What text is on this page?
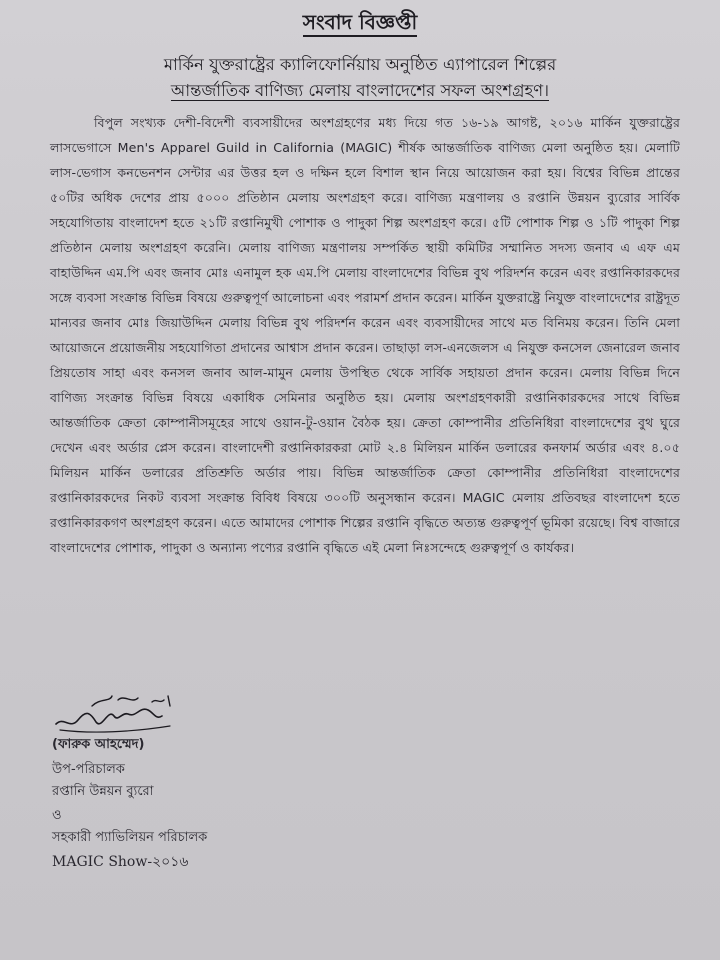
সংবাদ বিজ্ঞপ্তী
মার্কিন যুক্তরাষ্ট্রের ক্যালিফোর্নিয়ায় অনুষ্ঠিত এ্যাপারেল শিল্পের
আন্তর্জাতিক বাণিজ্য মেলায় বাংলাদেশের সফল অংশগ্রহণ।
বিপুল সংখ্যক দেশী-বিদেশী ব্যবসায়ীদের অংশগ্রহণের মধ্য দিয়ে গত ১৬-১৯ আগষ্ট, ২০১৬ মার্কিন যুক্তরাষ্ট্রের লাসভেগাসে Men's Apparel Guild in California (MAGIC) শীর্ষক আন্তর্জাতিক বাণিজ্য মেলা অনুষ্ঠিত হয়। মেলাটি লাস-ভেগাস কনভেনশন সেন্টার এর উত্তর হল ও দক্ষিন হলে বিশাল স্থান নিয়ে আয়োজন করা হয়। বিশ্বের বিভিন্ন প্রান্তের ৫০টির অধিক দেশের প্রায় ৫০০০ প্রতিষ্ঠান মেলায় অংশগ্রহণ করে। বাণিজ্য মন্ত্রণালয় ও রপ্তানি উন্নয়ন ব্যুরোর সার্বিক সহযোগিতায় বাংলাদেশ হতে ২১টি রপ্তানিমুখী পোশাক ও পাদুকা শিল্প অংশগ্রহণ করে। ৫টি পোশাক শিল্প ও ১টি পাদুকা শিল্প প্রতিষ্ঠান মেলায় অংশগ্রহণ করেনি। মেলায় বাণিজ্য মন্ত্রণালয় সম্পর্কিত স্থায়ী কমিটির সম্মানিত সদস্য জনাব এ এফ এম বাহাউদ্দিন এম.পি এবং জনাব মোঃ এনামুল হক এম.পি মেলায় বাংলাদেশের বিভিন্ন বুথ পরিদর্শন করেন এবং রপ্তানিকারকদের সঙ্গে ব্যবসা সংক্রান্ত বিভিন্ন বিষয়ে গুরুত্বপূর্ণ আলোচনা এবং পরামর্শ প্রদান করেন। মার্কিন যুক্তরাষ্ট্রে নিযুক্ত বাংলাদেশের রাষ্ট্রদূত মান্যবর জনাব মোঃ জিয়াউদ্দিন মেলায় বিভিন্ন বুথ পরিদর্শন করেন এবং ব্যবসায়ীদের সাথে মত বিনিময় করেন। তিনি মেলা আয়োজনে প্রয়োজনীয় সহযোগিতা প্রদানের আশ্বাস প্রদান করেন। তাছাড়া লস-এনজেলস এ নিযুক্ত কনসেল জেনারেল জনাব প্রিয়তোষ সাহা এবং কনসল জনাব আল-মামুন মেলায় উপস্থিত থেকে সার্বিক সহায়তা প্রদান করেন। মেলায় বিভিন্ন দিনে বাণিজ্য সংক্রান্ত বিভিন্ন বিষয়ে একাধিক সেমিনার অনুষ্ঠিত হয়। মেলায় অংশগ্রহণকারী রপ্তানিকারকদের সাথে বিভিন্ন আন্তর্জাতিক ক্রেতা কোম্পানীসমূহের সাথে ওয়ান-টু-ওয়ান বৈঠক হয়। ক্রেতা কোম্পানীর প্রতিনিধিরা বাংলাদেশের বুথ ঘুরে দেখেন এবং অর্ডার প্লেস করেন। বাংলাদেশী রপ্তানিকারকরা মোট ২.৪ মিলিয়ন মার্কিন ডলারের কনফার্ম অর্ডার এবং ৪.০৫ মিলিয়ন মার্কিন ডলারের প্রতিশ্রুতি অর্ডার পায়। বিভিন্ন আন্তর্জাতিক ক্রেতা কোম্পানীর প্রতিনিধিরা বাংলাদেশের রপ্তানিকারকদের নিকট ব্যবসা সংক্রান্ত বিবিধ বিষয়ে ৩০০টি অনুসন্ধান করেন। MAGIC মেলায় প্রতিবছর বাংলাদেশ হতে রপ্তানিকারকগণ অংশগ্রহণ করেন। এতে আমাদের পোশাক শিল্পের রপ্তানি বৃদ্ধিতে অত্যন্ত গুরুত্বপূর্ণ ভূমিকা রয়েছে। বিশ্ব বাজারে বাংলাদেশের পোশাক, পাদুকা ও অন্যান্য পণ্যের রপ্তানি বৃদ্ধিতে এই মেলা নিঃসন্দেহে গুরুত্বপূর্ণ ও কার্যকর।
(ফারুক আহম্মেদ)
উপ-পরিচালক
রপ্তানি উন্নয়ন ব্যুরো
ও
সহকারী প্যাভিলিয়ন পরিচালক
MAGIC Show-২০১৬
